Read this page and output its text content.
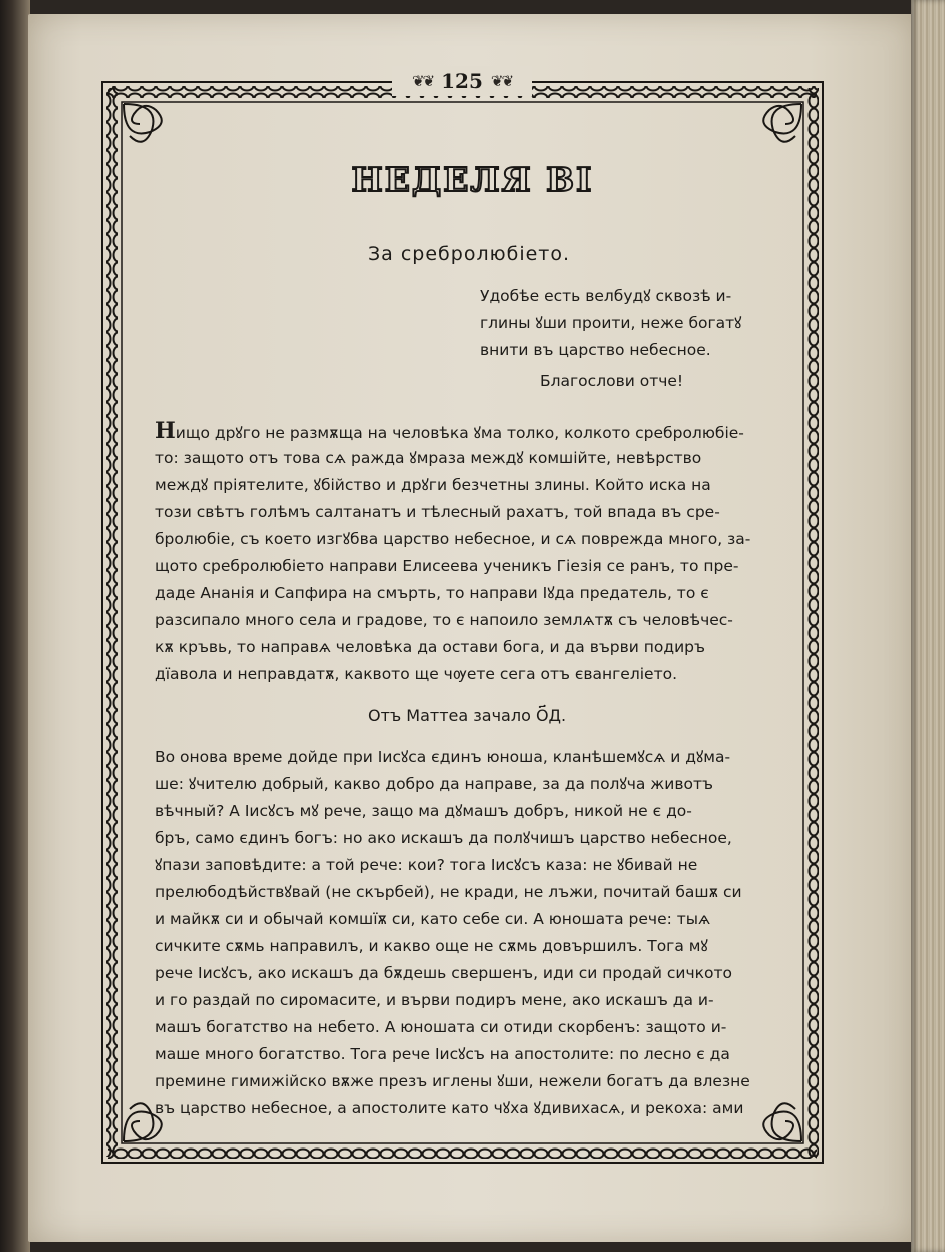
❦❦ 125 ❦❦
НЕДЕЛЯ ВІ
За сребролюбіето.
Удобѣе есть велбудꙋ сквозѣ и-
глины ꙋши проити, неже богатꙋ
внити въ царство небесное.
Благослови отче!
Нищо дрꙋго не размѫща на человѣка ꙋма толко, колкото сребролюбіе-
то: защото отъ това сѧ ражда ꙋмраза междꙋ комшійте, невѣрство
междꙋ пріятелите, ꙋбійство и дрꙋги безчетны злины. Който иска на
този свѣтъ голѣмъ салтанатъ и тѣлесный рахатъ, той впада въ сре-
бролюбіе, съ което изгꙋбва царство небесное, и сѧ повреждa много, за-
щото сребролюбіето направи Елисеева ученикъ Гіезія се ранъ, то пре-
даде Ананія и Сапфира на смърть, то направи Іꙋда предатель, то є
разсипало много села и градове, то є напоило землѧтѫ съ человѣчес-
кѫ кръвь, то направѧ человѣка да остави бога, и да върви подиръ
дїавола и неправдатѫ, каквото ще чѹете сега отъ євангеліето.
Отъ Маттеа зачало О҃Д.
Во онова време дойде при Іисꙋса єдинъ юноша, кланѣшемꙋсѧ и дꙋма-
ше: ꙋчителю добрый, какво добро да направе, за да полꙋча животъ
вѣчный? А Іисꙋсъ мꙋ рече, защо ма дꙋмашъ добръ, никой не є до-
бръ, само єдинъ богъ: но ако искашъ да полꙋчишъ царство небесное,
ꙋпази заповѣдите: а той рече: кои? тога Іисꙋсъ каза: не ꙋбивай не
прелюбодѣйствꙋвай (не скърбей), не кради, не лъжи, почитай башѫ си
и майкѫ си и обычай комшїѫ си, като себе си. А юношата рече: тыѧ
сичките сѫмь направилъ, и какво още не сѫмь довършилъ. Тога мꙋ
рече Іисꙋсъ, ако искашъ да бѫдешь свершенъ, иди си продай сичкото
и го раздай по сиромасите, и върви подиръ мене, ако искашъ да и-
машъ богатство на небето. А юношата си отиди скорбенъ: защото и-
маше много богатство. Тога рече Іисꙋсъ на апостолите: по лесно є да
премине гимижійско вѫже презъ иглены ꙋши, нежели богатъ да влезне
въ царство небесное, а апостолите като чꙋха ꙋдивихасѧ, и рекоха: ами
